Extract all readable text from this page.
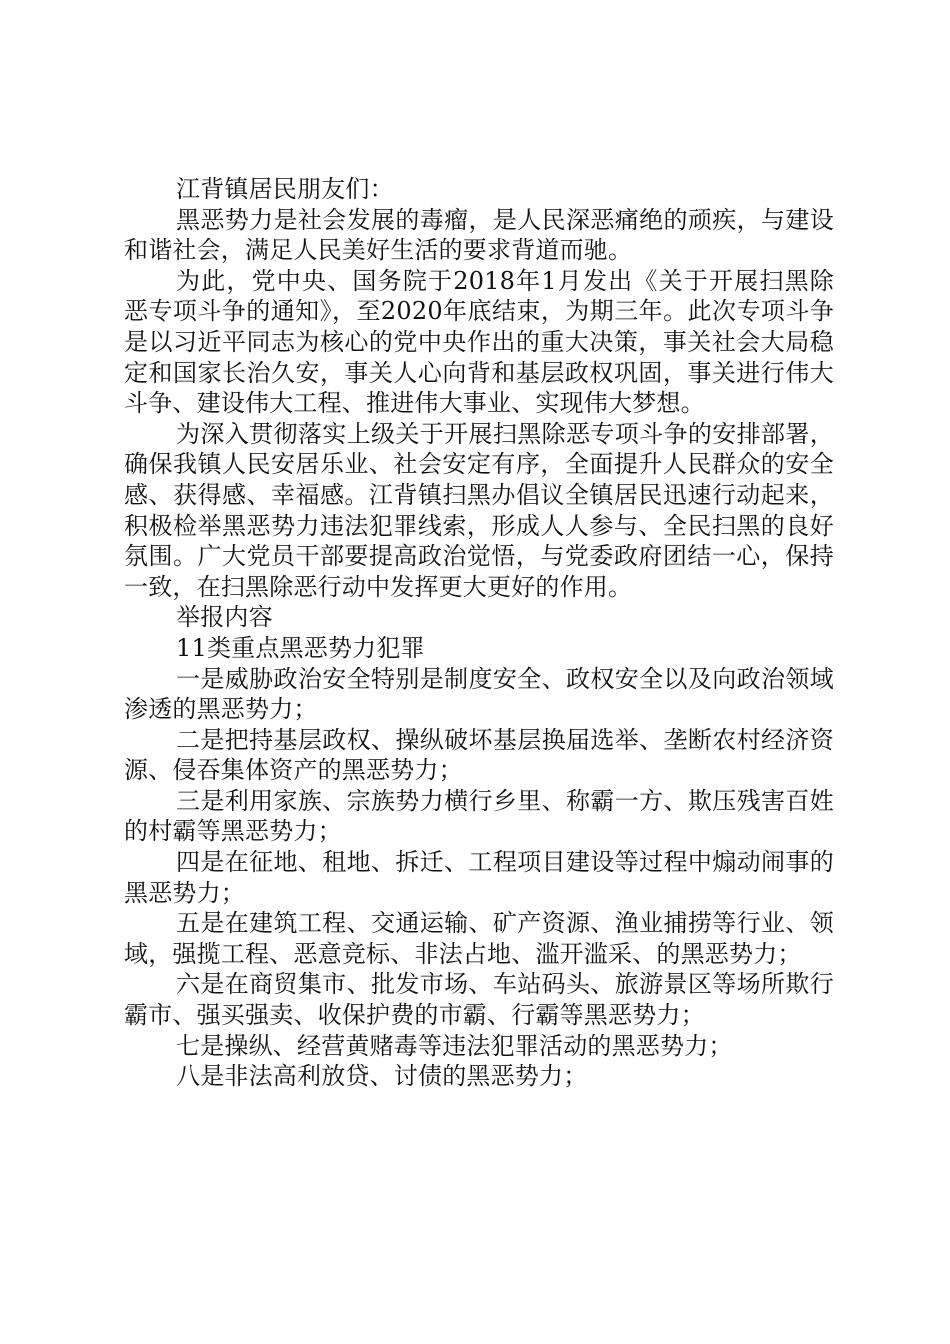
江背镇居民朋友们：

黑恶势力是社会发展的毒瘤，是人民深恶痛绝的顽疾，与建设和谐社会，满足人民美好生活的要求背道而驰。

为此，党中央、国务院于2018年1月发出《关于开展扫黑除恶专项斗争的通知》，至2020年底结束，为期三年。此次专项斗争是以习近平同志为核心的党中央作出的重大决策，事关社会大局稳定和国家长治久安，事关人心向背和基层政权巩固，事关进行伟大斗争、建设伟大工程、推进伟大事业、实现伟大梦想。

为深入贯彻落实上级关于开展扫黑除恶专项斗争的安排部署，确保我镇人民安居乐业、社会安定有序，全面提升人民群众的安全感、获得感、幸福感。江背镇扫黑办倡议全镇居民迅速行动起来，积极检举黑恶势力违法犯罪线索，形成人人参与、全民扫黑的良好氛围。广大党员干部要提高政治觉悟，与党委政府团结一心，保持一致，在扫黑除恶行动中发挥更大更好的作用。

举报内容

11类重点黑恶势力犯罪

一是威胁政治安全特别是制度安全、政权安全以及向政治领域渗透的黑恶势力；

二是把持基层政权、操纵破坏基层换届选举、垄断农村经济资源、侵吞集体资产的黑恶势力；

三是利用家族、宗族势力横行乡里、称霸一方、欺压残害百姓的村霸等黑恶势力；

四是在征地、租地、拆迁、工程项目建设等过程中煽动闹事的黑恶势力；

五是在建筑工程、交通运输、矿产资源、渔业捕捞等行业、领域，强揽工程、恶意竞标、非法占地、滥开滥采、的黑恶势力；

六是在商贸集市、批发市场、车站码头、旅游景区等场所欺行霸市、强买强卖、收保护费的市霸、行霸等黑恶势力；

七是操纵、经营黄赌毒等违法犯罪活动的黑恶势力；

八是非法高利放贷、讨债的黑恶势力；
